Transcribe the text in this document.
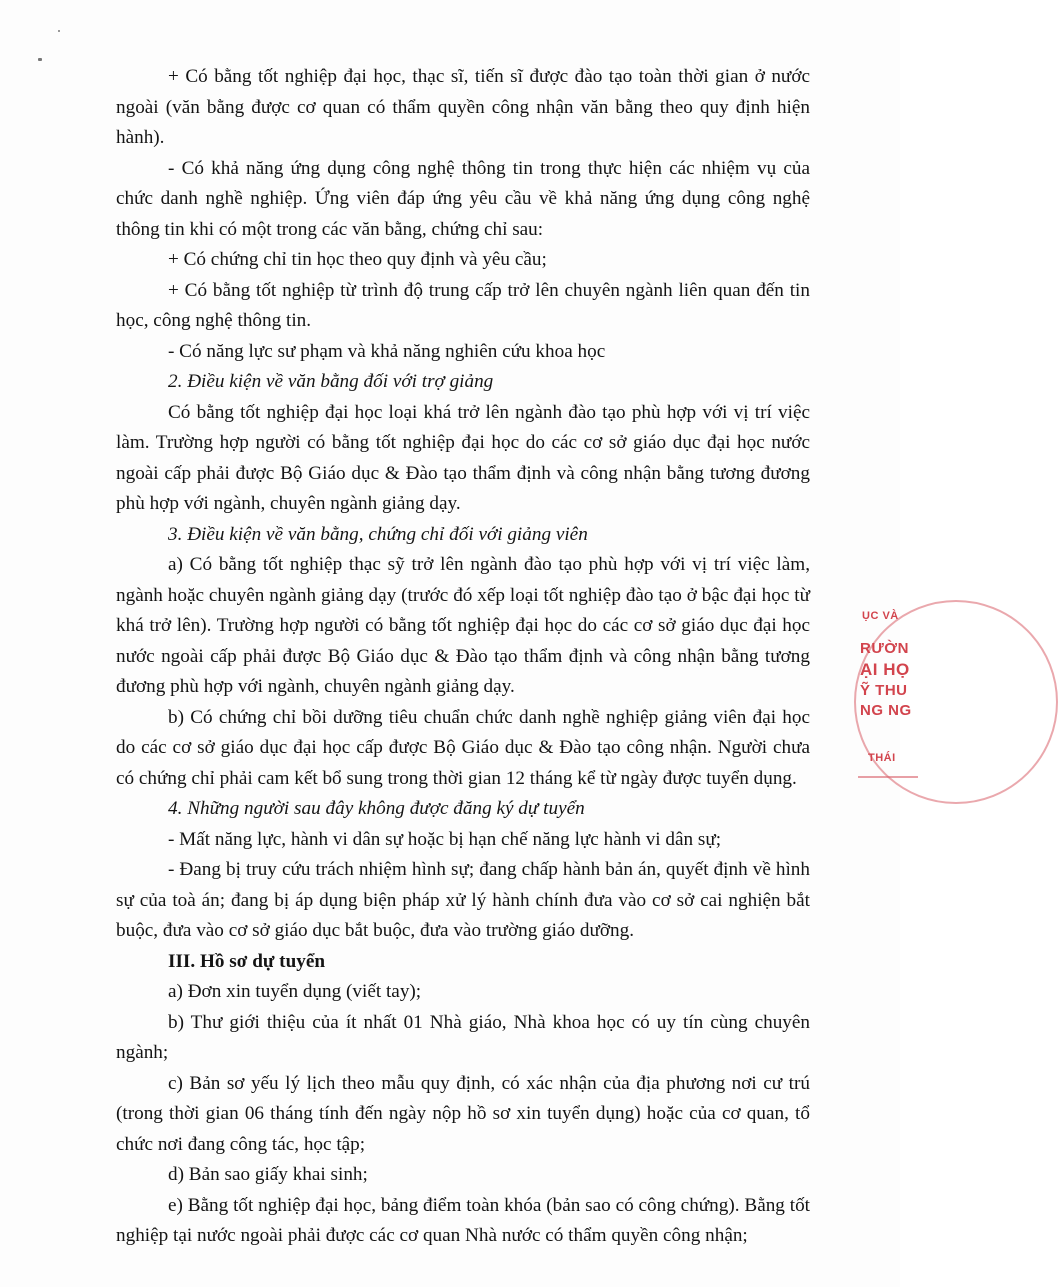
+ Có bằng tốt nghiệp đại học, thạc sĩ, tiến sĩ được đào tạo toàn thời gian ở nước ngoài (văn bằng được cơ quan có thẩm quyền công nhận văn bằng theo quy định hiện hành).

- Có khả năng ứng dụng công nghệ thông tin trong thực hiện các nhiệm vụ của chức danh nghề nghiệp. Ứng viên đáp ứng yêu cầu về khả năng ứng dụng công nghệ thông tin khi có một trong các văn bằng, chứng chỉ sau:

+ Có chứng chỉ tin học theo quy định và yêu cầu;

+ Có bằng tốt nghiệp từ trình độ trung cấp trở lên chuyên ngành liên quan đến tin học, công nghệ thông tin.

- Có năng lực sư phạm và khả năng nghiên cứu khoa học

2. Điều kiện về văn bằng đối với trợ giảng

Có bằng tốt nghiệp đại học loại khá trở lên ngành đào tạo phù hợp với vị trí việc làm. Trường hợp người có bằng tốt nghiệp đại học do các cơ sở giáo dục đại học nước ngoài cấp phải được Bộ Giáo dục & Đào tạo thẩm định và công nhận bằng tương đương phù hợp với ngành, chuyên ngành giảng dạy.

3. Điều kiện về văn bằng, chứng chỉ đối với giảng viên

a) Có bằng tốt nghiệp thạc sỹ trở lên ngành đào tạo phù hợp với vị trí việc làm, ngành hoặc chuyên ngành giảng dạy (trước đó xếp loại tốt nghiệp đào tạo ở bậc đại học từ khá trở lên). Trường hợp người có bằng tốt nghiệp đại học do các cơ sở giáo dục đại học nước ngoài cấp phải được Bộ Giáo dục & Đào tạo thẩm định và công nhận bằng tương đương phù hợp với ngành, chuyên ngành giảng dạy.

b) Có chứng chỉ bồi dưỡng tiêu chuẩn chức danh nghề nghiệp giảng viên đại học do các cơ sở giáo dục đại học cấp được Bộ Giáo dục & Đào tạo công nhận. Người chưa có chứng chỉ phải cam kết bổ sung trong thời gian 12 tháng kể từ ngày được tuyển dụng.

4. Những người sau đây không được đăng ký dự tuyển

- Mất năng lực, hành vi dân sự hoặc bị hạn chế năng lực hành vi dân sự;

- Đang bị truy cứu trách nhiệm hình sự; đang chấp hành bản án, quyết định về hình sự của toà án; đang bị áp dụng biện pháp xử lý hành chính đưa vào cơ sở cai nghiện bắt buộc, đưa vào cơ sở giáo dục bắt buộc, đưa vào trường giáo dưỡng.

III. Hồ sơ dự tuyển

a) Đơn xin tuyển dụng (viết tay);

b) Thư giới thiệu của ít nhất 01 Nhà giáo, Nhà khoa học có uy tín cùng chuyên ngành;

c) Bản sơ yếu lý lịch theo mẫu quy định, có xác nhận của địa phương nơi cư trú (trong thời gian 06 tháng tính đến ngày nộp hồ sơ xin tuyển dụng) hoặc của cơ quan, tổ chức nơi đang công tác, học tập;

d) Bản sao giấy khai sinh;

e) Bằng tốt nghiệp đại học, bảng điểm toàn khóa (bản sao có công chứng). Bằng tốt nghiệp tại nước ngoài phải được các cơ quan Nhà nước có thẩm quyền công nhận;

ỤC VÀ
RƯỜN
ẠI HỌ
Ỹ THU
NG NG
THÁI
